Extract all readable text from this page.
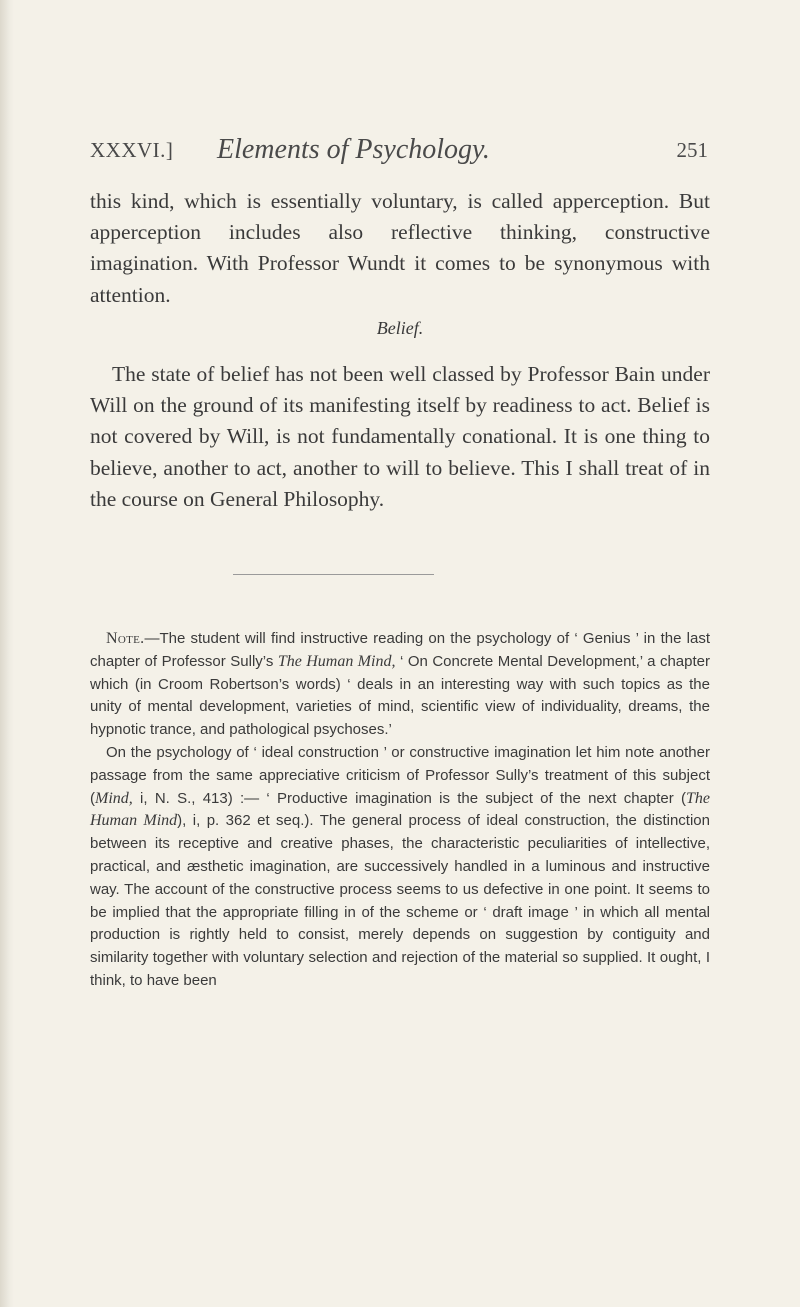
XXXVI.] Elements of Psychology.	251

this kind, which is essentially voluntary, is called apperception. But apperception includes also reflective thinking, constructive imagination. With Professor Wundt it comes to be synonymous with attention.

Belief.

The state of belief has not been well classed by Professor Bain under Will on the ground of its manifesting itself by readiness to act. Belief is not covered by Will, is not fundamentally conational. It is one thing to believe, another to act, another to will to believe. This I shall treat of in the course on General Philosophy.

Note.—The student will find instructive reading on the psychology of ‘ Genius ’ in the last chapter of Professor Sully’s The Human Mind, ‘ On Concrete Mental Development,’ a chapter which (in Croom Robertson’s words) ‘ deals in an interesting way with such topics as the unity of mental development, varieties of mind, scientific view of individuality, dreams, the hypnotic trance, and pathological psychoses.’

On the psychology of ‘ ideal construction ’ or constructive imagination let him note another passage from the same appreciative criticism of Professor Sully’s treatment of this subject (Mind, i, N. S., 413) :— ‘ Productive imagination is the subject of the next chapter (The Human Mind), i, p. 362 et seq.). The general process of ideal construction, the distinction between its receptive and creative phases, the characteristic peculiarities of intellective, practical, and æsthetic imagination, are successively handled in a luminous and instructive way. The account of the constructive process seems to us defective in one point. It seems to be implied that the appropriate filling in of the scheme or ‘ draft image ’ in which all mental production is rightly held to consist, merely depends on suggestion by contiguity and similarity together with voluntary selection and rejection of the material so supplied. It ought, I think, to have been
